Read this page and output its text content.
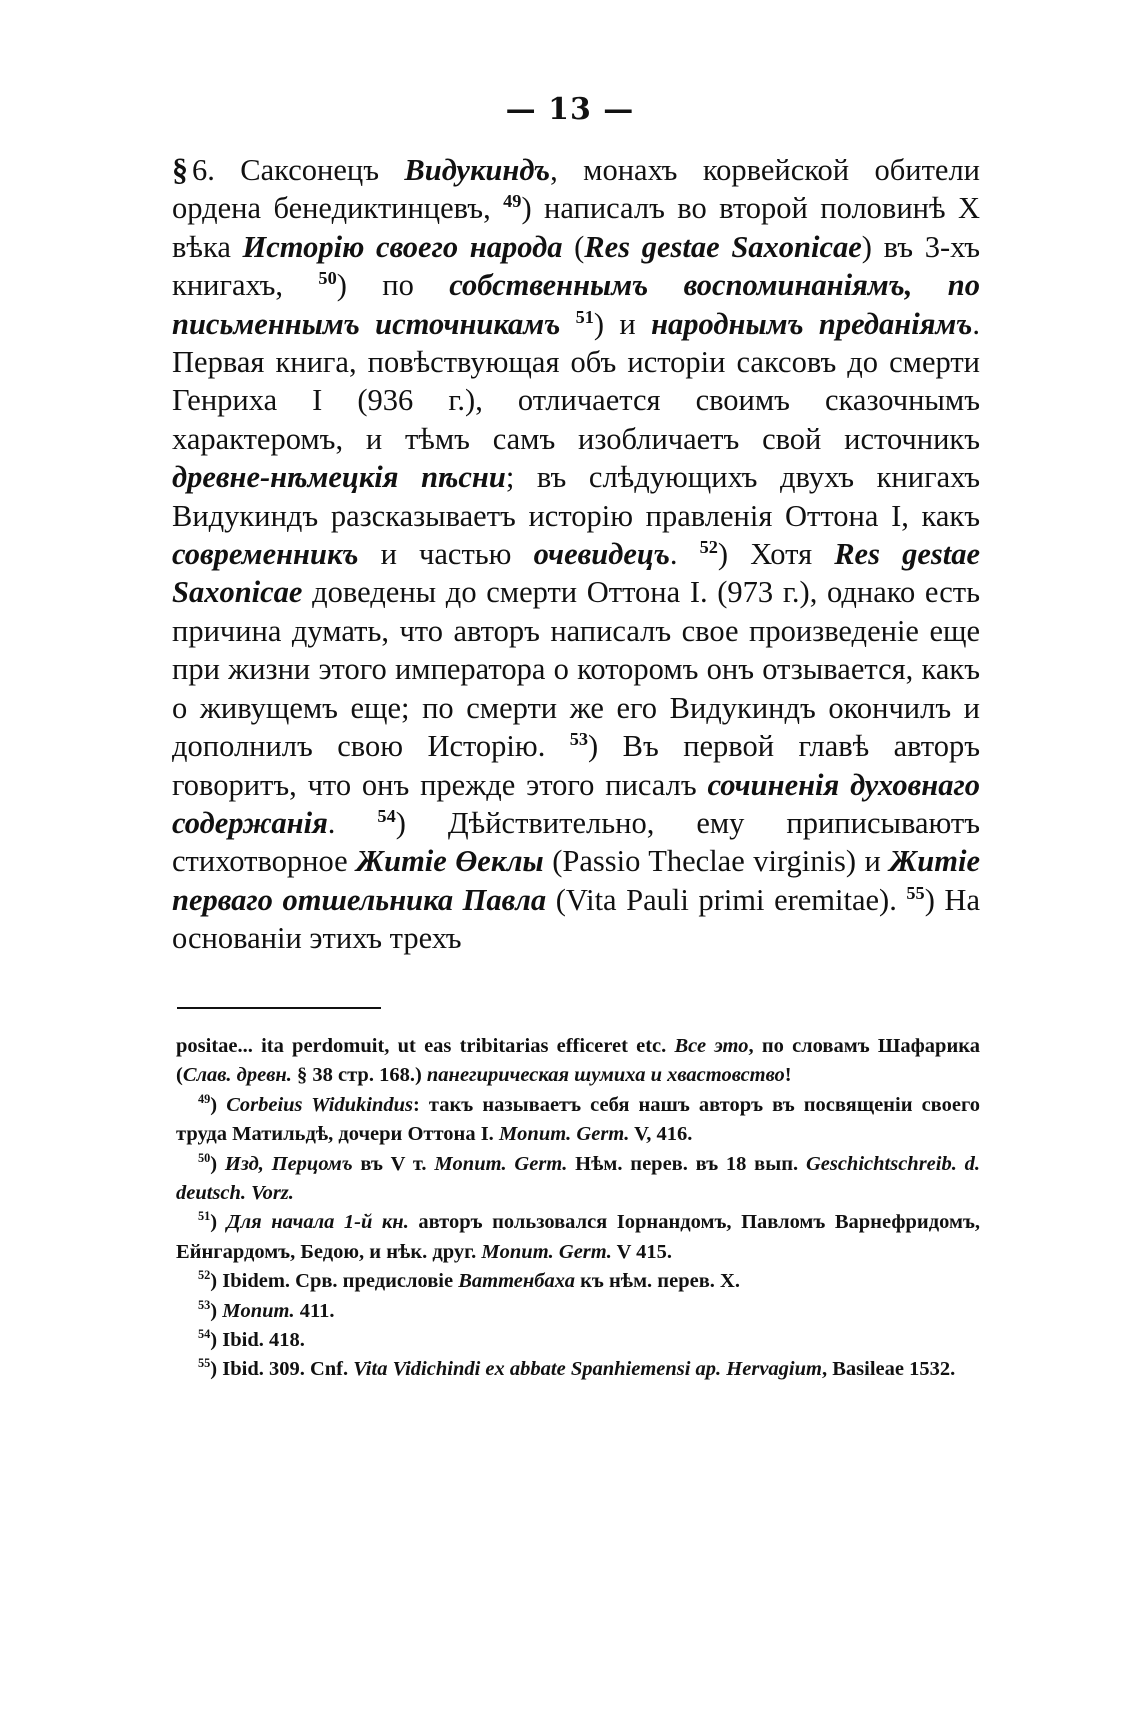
— 13 —

§ 6. Саксонецъ Видукиндъ, монахъ корвейской обители ордена бенедиктинцевъ, $^{49}$) написалъ во второй половинѣ X вѣка Исторію своего народа (Res gestae Saxonicae) въ 3-хъ книгахъ, $^{50}$) по собственнымъ воспоминаніямъ, по письменнымъ источникамъ $^{51}$) и народнымъ преданіямъ. Первая книга, повѣствующая объ исторіи саксовъ до смерти Генриха I (936 г.), отличается своимъ сказочнымъ характеромъ, и тѣмъ самъ изобличаетъ свой источникъ древне-нѣмецкія пѣсни; въ слѣдующихъ двухъ книгахъ Видукиндъ разсказываетъ исторію правленія Оттона I, какъ современникъ и частью очевидецъ. $^{52}$) Хотя Res gestae Saxonicae доведены до смерти Оттона I. (973 г.), однако есть причина думать, что авторъ написалъ свое произведеніе еще при жизни этого императора о которомъ онъ отзывается, какъ о живущемъ еще; по смерти же его Видукиндъ окончилъ и дополнилъ свою Исторію. $^{53}$) Въ первой главѣ авторъ говоритъ, что онъ прежде этого писалъ сочиненія духовнаго содержанія. $^{54}$) Дѣйствительно, ему приписываютъ стихотворное Житіе Өеклы (Passio Theclae virginis) и Житіе перваго отшельника Павла (Vita Pauli primi eremitae). $^{55}$) На основаніи этихъ трехъ

positae... ita perdomuit, ut eas tribitarias efficeret etc. Все это, по словамъ Шафарика (Слав. древн. § 38 стр. 168.) панегирическая шумиха и хвастовство!

$^{49}$) Corbeius Widukindus: такъ называетъ себя нашъ авторъ въ посвященіи своего труда Матильдѣ, дочери Оттона I. Monum. Germ. V, 416.

$^{50}$) Изд, Перцомъ въ V т. Monum. Germ. Нѣм. перев. въ 18 вып. Geschichtschreib. d. deutsch. Vorz.

$^{51}$) Для начала 1-й кн. авторъ пользовался Іорнандомъ, Павломъ Варнефридомъ, Ейнгардомъ, Бедою, и нѣк. друг. Monum. Germ. V 415.

$^{52}$) Ibidem. Срв. предисловіе Ваттенбаха къ нѣм. перев. X.

$^{53}$) Monum. 411.

$^{54}$) Ibid. 418.

$^{55}$) Ibid. 309. Cnf. Vita Vidichindi ex abbate Spanhiemensi ap. Hervagium, Basileae 1532.
